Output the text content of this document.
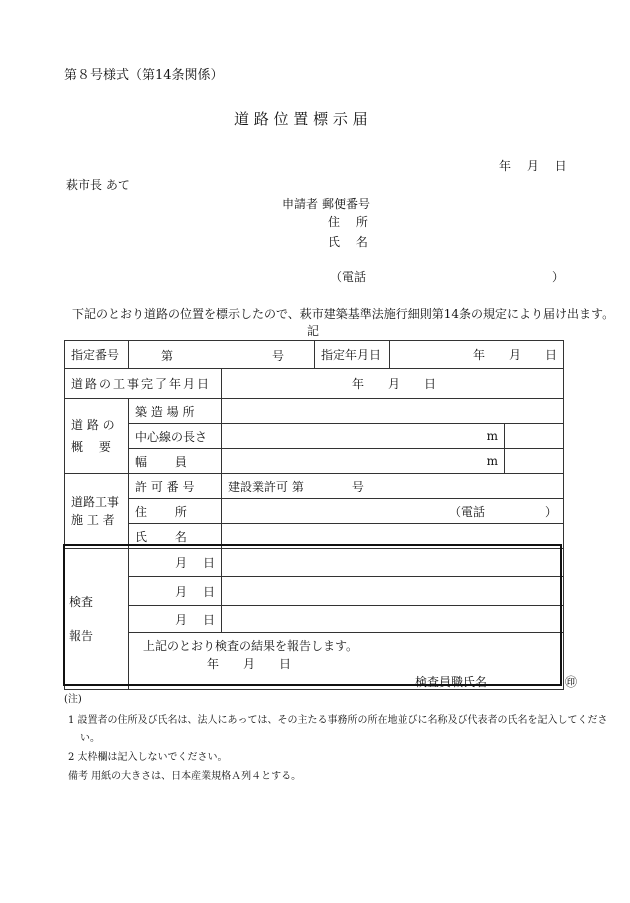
第８号様式（第14条関係）
道 路 位 置 標 示 届
年　 月　 日
萩市長 あて
申請者 郵便番号
住　 所
氏　 名
（電話	）
下記のとおり道路の位置を標示したので、萩市建築基準法施行細則第14条の規定により届け出ます。
記
指定番号	第 号		指定年月日	年　　月　　日	
道路の工事完了年月日		年　　月　　日			

道 路 の
概　 要	築 造 場 所				
	中心線の長さ	m			
	幅　　 員	m			

道路工事
施 工 者	許 可 番 号	建設業許可 第　　　　号			
	住　　 所	（電話　　　　　）			
	氏　　 名				

検査
報告	月　 日				
	月　 日				
	月　 日				

	上記のとおり検査の結果を報告します。
年　　月　　日
検査員職氏名 ㊞				
(注)
1 設置者の住所及び氏名は、法人にあっては、その主たる事務所の所在地並びに名称及び代表者の氏名を記入してくださ
い。
2 太枠欄は記入しないでください。
備考 用紙の大きさは、日本産業規格Ａ列４とする。
